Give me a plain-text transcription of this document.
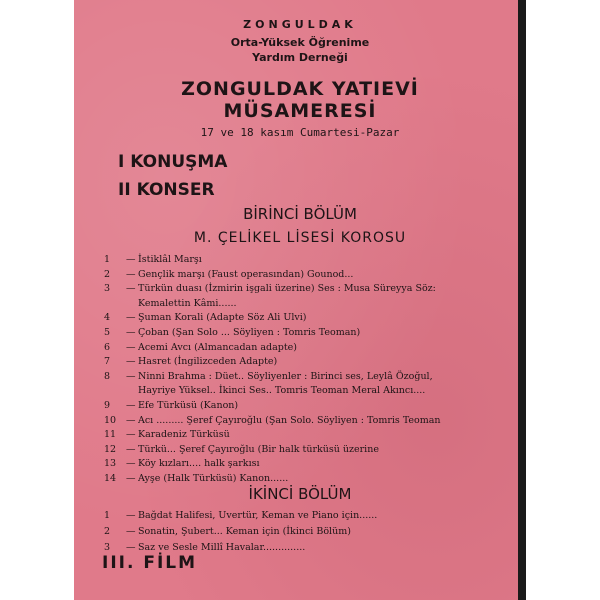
ZONGULDAK
Orta-Yüksek Öğrenime
Yardım Derneği
ZONGULDAK YATIEVİ
MÜSAMERESİ
17 ve 18 kasım Cumartesi-Pazar
I KONUŞMA
II KONSER
BİRİNCİ BÖLÜM
M. ÇELİKEL LİSESİ KOROSU
1	— İstiklâl Marşı
2	— Gençlik marşı (Faust operasından) Gounod...
3	— Türkün duası (İzmirin işgali üzerine) Ses : Musa Süreyya Söz:
Kemalettin Kâmi......
4	— Şuman Korali (Adapte Söz Ali Ulvi)
5	— Çoban (Şan Solo ... Söyliyen : Tomris Teoman)
6	— Acemi Avcı (Almancadan adapte)
7	— Hasret (İngilizceden Adapte)
8	— Ninni Brahma : Düet.. Söyliyenler : Birinci ses, Leylâ Özoğul,
Hayriye Yüksel.. İkinci Ses.. Tomris Teoman Meral Akıncı....
9	— Efe Türküsü (Kanon)
10	— Acı ......... Şeref Çayıroğlu (Şan Solo. Söyliyen : Tomris Teoman
11	— Karadeniz Türküsü
12	— Türkü... Şeref Çayıroğlu (Bir halk türküsü üzerine
13	— Köy kızları.... halk şarkısı
14	— Ayşe (Halk Türküsü) Kanon......
İKİNCİ BÖLÜM
1	— Bağdat Halifesi, Uvertür, Keman ve Piano için......
2	— Sonatin, Şubert... Keman için (İkinci Bölüm)
3	— Saz ve Sesle Millî Havalar..............
III. FİLM
